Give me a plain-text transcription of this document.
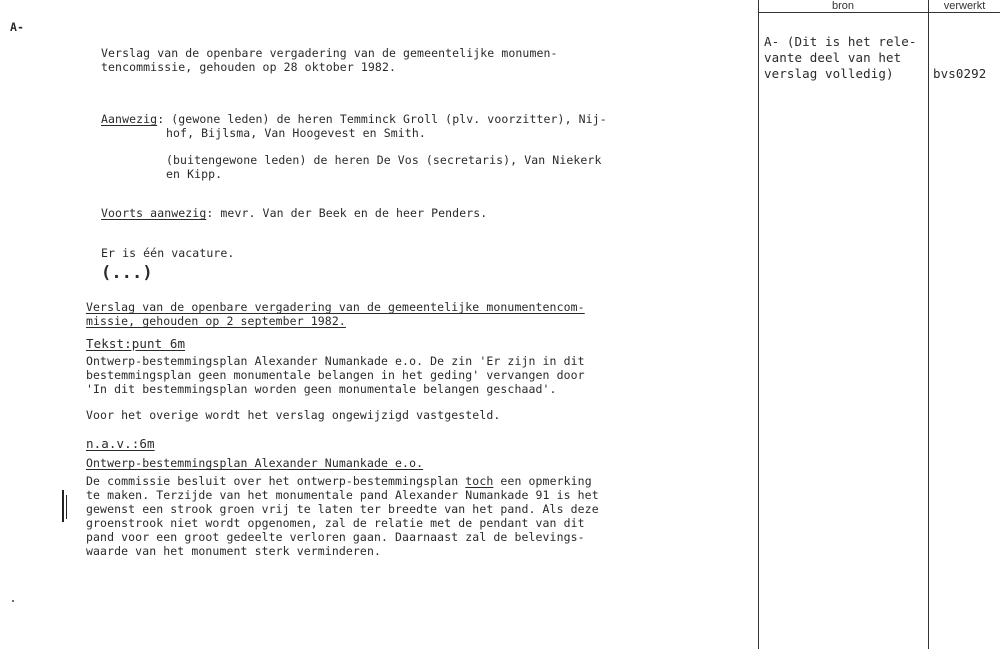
bron	verwerkt
A-
Verslag van de openbare vergadering van de gemeentelijke monumen-
tencommissie, gehouden op 28 oktober 1982.
Aanwezig: (gewone leden) de heren Temminck Groll (plv. voorzitter), Nij-
hof, Bijlsma, Van Hoogevest en Smith.
(buitengewone leden) de heren De Vos (secretaris), Van Niekerk
en Kipp.
Voorts aanwezig: mevr. Van der Beek en de heer Penders.
Er is één vacature.
(...)
Verslag van de openbare vergadering van de gemeentelijke monumentencom-
missie, gehouden op 2 september 1982.
Tekst:punt 6m
Ontwerp-bestemmingsplan Alexander Numankade e.o. De zin 'Er zijn in dit
bestemmingsplan geen monumentale belangen in het geding' vervangen door
'In dit bestemmingsplan worden geen monumentale belangen geschaad'.
Voor het overige wordt het verslag ongewijzigd vastgesteld.
n.a.v.:6m
Ontwerp-bestemmingsplan Alexander Numankade e.o.
De commissie besluit over het ontwerp-bestemmingsplan toch een opmerking
te maken. Terzijde van het monumentale pand Alexander Numankade 91 is het
gewenst een strook groen vrij te laten ter breedte van het pand. Als deze
groenstrook niet wordt opgenomen, zal de relatie met de pendant van dit
pand voor een groot gedeelte verloren gaan. Daarnaast zal de belevings-
waarde van het monument sterk verminderen.
A- (Dit is het rele-
vante deel van het
verslag volledig)	bvs0292
